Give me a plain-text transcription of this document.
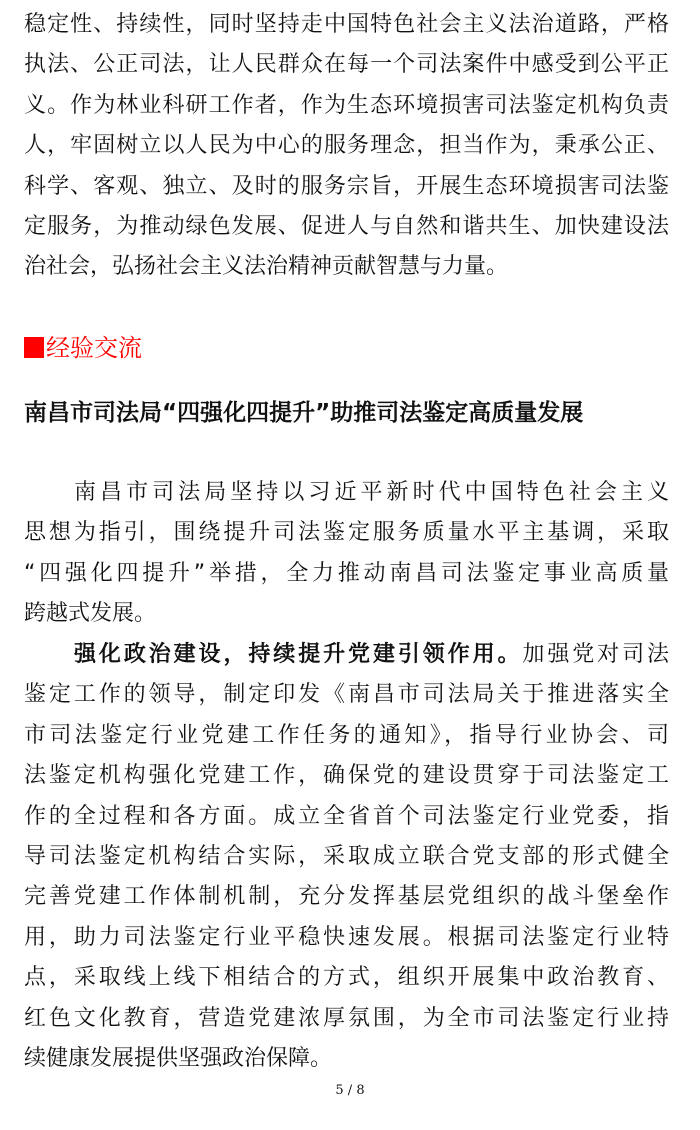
稳定性、持续性，同时坚持走中国特色社会主义法治道路，严格
执法、公正司法，让人民群众在每一个司法案件中感受到公平正
义。作为林业科研工作者，作为生态环境损害司法鉴定机构负责
人，牢固树立以人民为中心的服务理念，担当作为，秉承公正、
科学、客观、独立、及时的服务宗旨，开展生态环境损害司法鉴
定服务，为推动绿色发展、促进人与自然和谐共生、加快建设法
治社会，弘扬社会主义法治精神贡献智慧与力量。
经验交流
南昌市司法局“四强化四提升”助推司法鉴定高质量发展
南昌市司法局坚持以习近平新时代中国特色社会主义
思想为指引，围绕提升司法鉴定服务质量水平主基调，采取
“四强化四提升”举措，全力推动南昌司法鉴定事业高质量
跨越式发展。
强化政治建设，持续提升党建引领作用。加强党对司法
鉴定工作的领导，制定印发《南昌市司法局关于推进落实全
市司法鉴定行业党建工作任务的通知》，指导行业协会、司
法鉴定机构强化党建工作，确保党的建设贯穿于司法鉴定工
作的全过程和各方面。成立全省首个司法鉴定行业党委，指
导司法鉴定机构结合实际，采取成立联合党支部的形式健全
完善党建工作体制机制，充分发挥基层党组织的战斗堡垒作
用，助力司法鉴定行业平稳快速发展。根据司法鉴定行业特
点，采取线上线下相结合的方式，组织开展集中政治教育、
红色文化教育，营造党建浓厚氛围，为全市司法鉴定行业持
续健康发展提供坚强政治保障。
5 / 8
